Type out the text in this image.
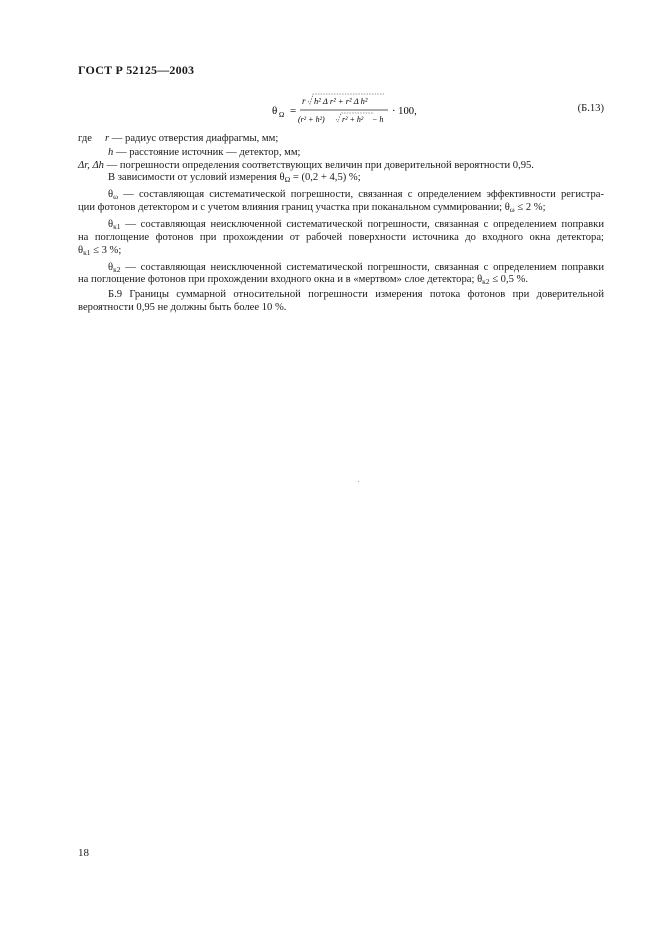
ГОСТ Р 52125—2003
θ Ω =
r h² Δ r² + r² Δ h²
(r² + h²) r² + h² − h
· 100,	(Б.13)
где r — радиус отверстия диафрагмы, мм;
h — расстояние источник — детектор, мм;
Δr, Δh — погрешности определения соответствующих величин при доверительной вероятности 0,95.
В зависимости от условий измерения $\theta_\Omega = (0,2 + 4,5)$ %;
$\theta_\omega$ — составляющая систематической погрешности, связанная с определением эффективности регистра-
ции фотонов детектором и с учетом влияния границ участка при поканальном суммировании; $\theta_\omega \le 2$ %;
$\theta_{к1}$ — составляющая неисключенной систематической погрешности, связанная с определением поправки
на поглощение фотонов при прохождении от рабочей поверхности источника до входного окна детектора;
$\theta_{к1} \le 3$ %;
$\theta_{к2}$ — составляющая неисключенной систематической погрешности, связанная с определением поправки
на поглощение фотонов при прохождении входного окна и в «мертвом» слое детектора; $\theta_{к2} \le 0,5$ %.
Б.9 Границы суммарной относительной погрешности измерения потока фотонов при доверительной
вероятности 0,95 не должны быть более 10 %.
18
